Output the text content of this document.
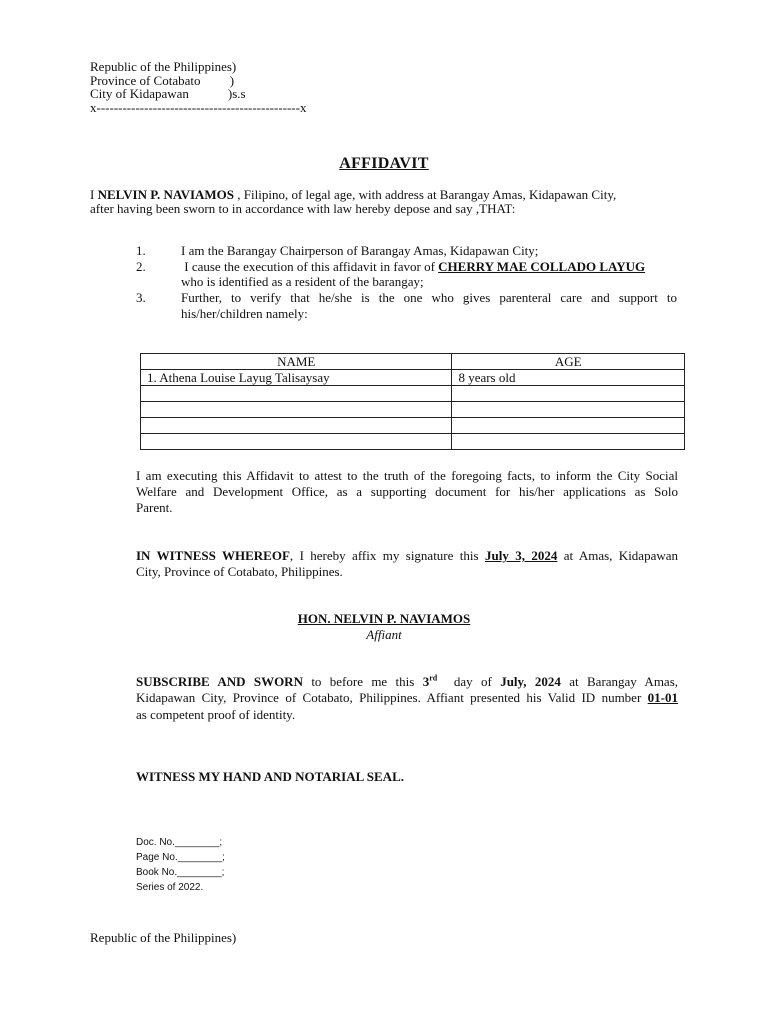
Republic of the Philippines)
Province of Cotabato         )
City of Kidapawan            )s.s
x-----------------------------------------------x
AFFIDAVIT
I NELVIN P. NAVIAMOS , Filipino, of legal age, with address at Barangay Amas, Kidapawan City,
after having been sworn to in accordance with law hereby depose and say ,THAT:
1.	I am the Barangay Chairperson of Barangay Amas, Kidapawan City;
2.	I cause the execution of this affidavit in favor of CHERRY MAE COLLADO LAYUG
who is identified as a resident of the barangay;
3.	Further, to verify that he/she is the one who gives parenteral care and support to
his/her/children namely:
NAME	AGE
1. Athena Louise Layug Talisaysay	8 years old

I am executing this Affidavit to attest to the truth of the foregoing facts, to inform the City Social
Welfare and Development Office, as a supporting document for his/her applications as Solo
Parent.
IN WITNESS WHEREOF, I hereby affix my signature this July 3, 2024 at Amas, Kidapawan
City, Province of Cotabato, Philippines.
HON. NELVIN P. NAVIAMOS
Affiant
SUBSCRIBE AND SWORN to before me this 3rd  day of July, 2024 at Barangay Amas,
Kidapawan City, Province of Cotabato, Philippines. Affiant presented his Valid ID number 01-01
as competent proof of identity.
WITNESS MY HAND AND NOTARIAL SEAL.
Doc. No.________;
Page No.________;
Book No.________;
Series of 2022.
Republic of the Philippines)
